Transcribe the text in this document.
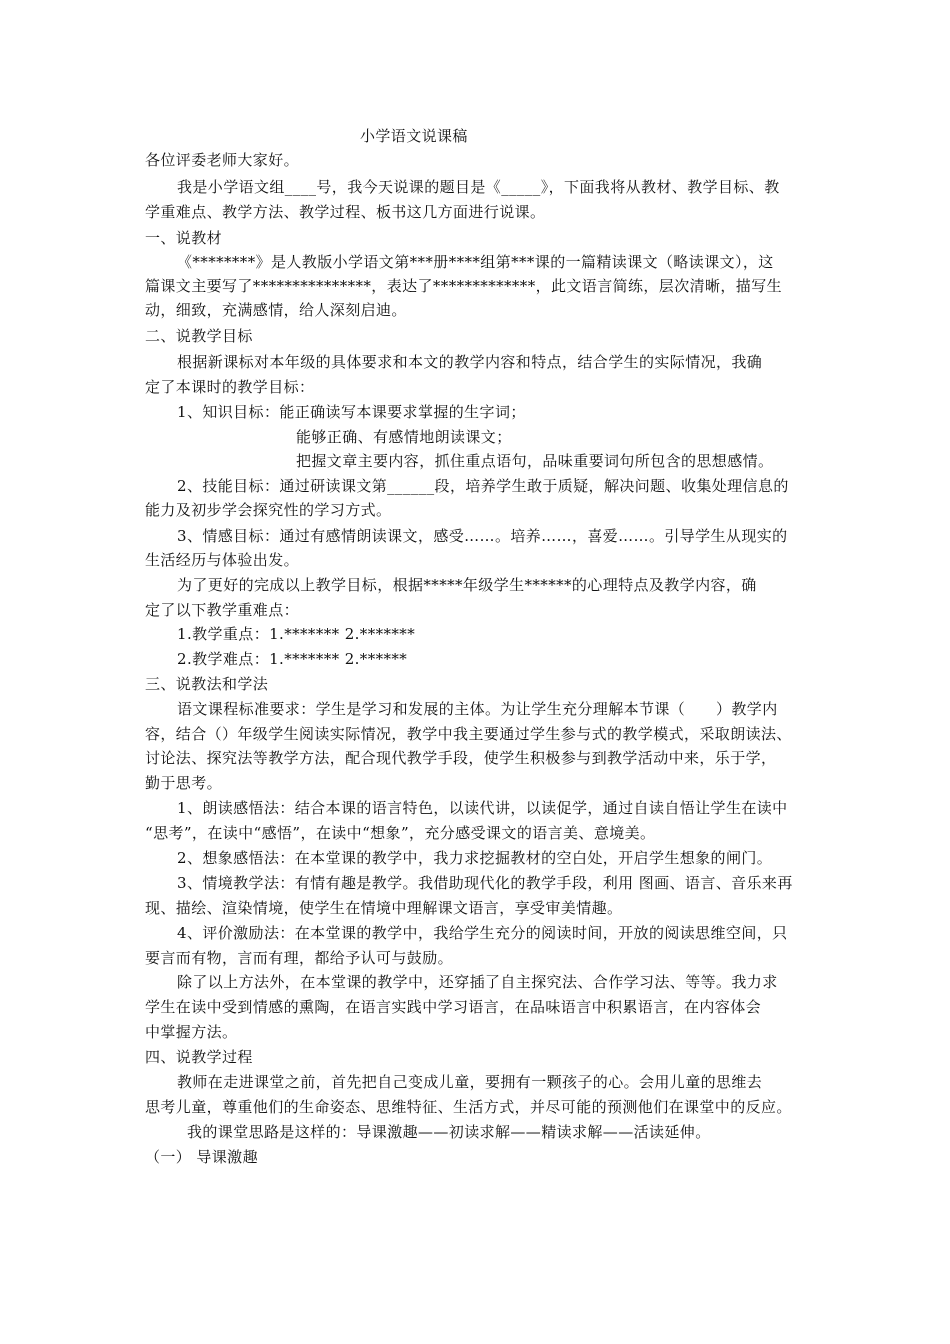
小学语文说课稿
各位评委老师大家好。
我是小学语文组____号，我今天说课的题目是《_____》，下面我将从教材、教学目标、教
学重难点、教学方法、教学过程、板书这几方面进行说课。
一、说教材
《********》是人教版小学语文第***册****组第***课的一篇精读课文（略读课文），这
篇课文主要写了***************，表达了*************，此文语言简练，层次清晰，描写生
动，细致，充满感情，给人深刻启迪。
二、说教学目标
根据新课标对本年级的具体要求和本文的教学内容和特点，结合学生的实际情况，我确
定了本课时的教学目标：
1、知识目标：能正确读写本课要求掌握的生字词；
能够正确、有感情地朗读课文；
把握文章主要内容，抓住重点语句，品味重要词句所包含的思想感情。
2、技能目标：通过研读课文第______段，培养学生敢于质疑，解决问题、收集处理信息的
能力及初步学会探究性的学习方式。
3、情感目标：通过有感情朗读课文，感受……。培养……，喜爱……。引导学生从现实的
生活经历与体验出发。
为了更好的完成以上教学目标，根据*****年级学生******的心理特点及教学内容，确
定了以下教学重难点：
1.教学重点：1.******* 2.*******
2.教学难点：1.******* 2.******
三、说教法和学法
语文课程标准要求：学生是学习和发展的主体。为让学生充分理解本节课（　　）教学内
容，结合（）年级学生阅读实际情况，教学中我主要通过学生参与式的教学模式，采取朗读法、
讨论法、探究法等教学方法，配合现代教学手段，使学生积极参与到教学活动中来，乐于学，
勤于思考。
1、朗读感悟法：结合本课的语言特色，以读代讲，以读促学，通过自读自悟让学生在读中
“思考”，在读中“感悟”，在读中“想象”，充分感受课文的语言美、意境美。
2、想象感悟法：在本堂课的教学中，我力求挖掘教材的空白处，开启学生想象的闸门。
3、情境教学法：有情有趣是教学。我借助现代化的教学手段，利用 图画、语言、音乐来再
现、描绘、渲染情境，使学生在情境中理解课文语言，享受审美情趣。
4、评价激励法：在本堂课的教学中，我给学生充分的阅读时间，开放的阅读思维空间，只
要言而有物，言而有理，都给予认可与鼓励。
除了以上方法外，在本堂课的教学中，还穿插了自主探究法、合作学习法、等等。我力求
学生在读中受到情感的熏陶，在语言实践中学习语言，在品味语言中积累语言，在内容体会
中掌握方法。
四、说教学过程
教师在走进课堂之前，首先把自己变成儿童，要拥有一颗孩子的心。会用儿童的思维去
思考儿童，尊重他们的生命姿态、思维特征、生活方式，并尽可能的预测他们在课堂中的反应。
我的课堂思路是这样的：导课激趣——初读求解——精读求解——活读延伸。
（一） 导课激趣
